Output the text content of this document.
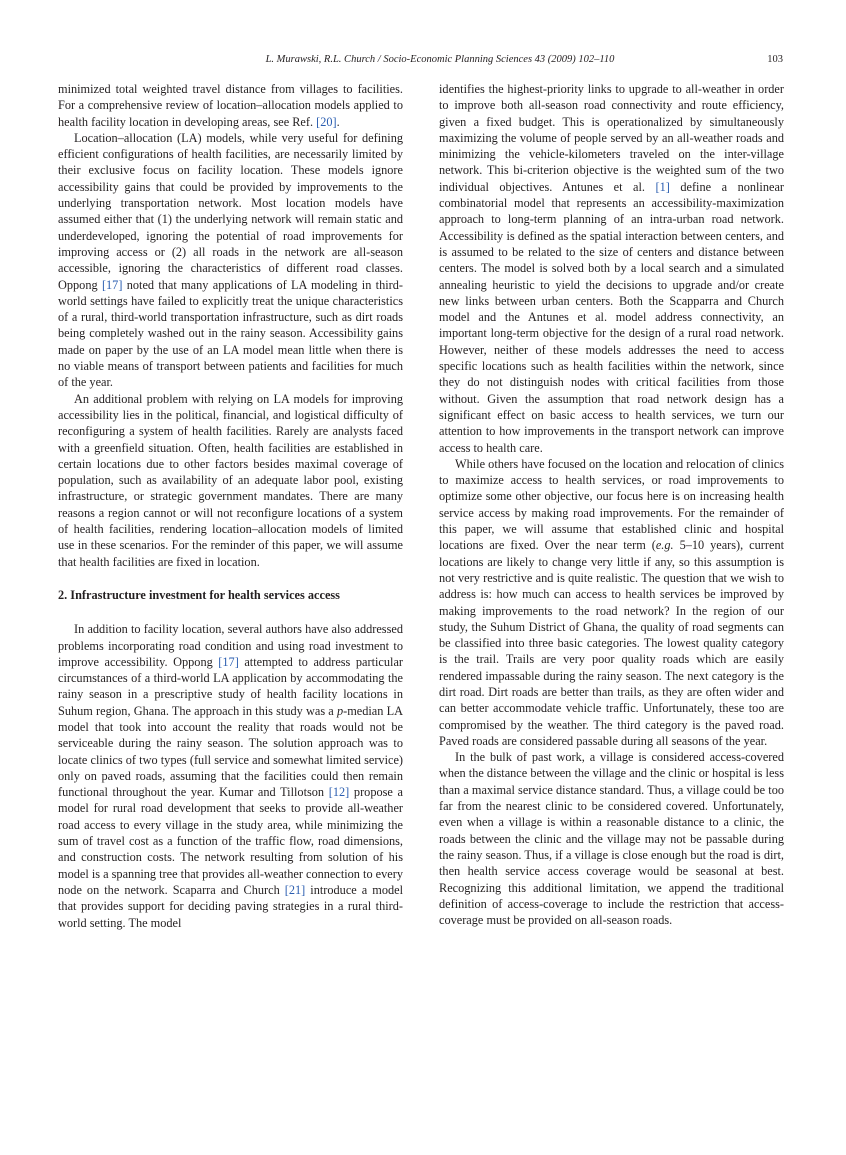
L. Murawski, R.L. Church / Socio-Economic Planning Sciences 43 (2009) 102–110	103

minimized total weighted travel distance from villages to facilities. For a comprehensive review of location–allocation models applied to health facility location in developing areas, see Ref. [20].

Location–allocation (LA) models, while very useful for defining efficient configurations of health facilities, are necessarily limited by their exclusive focus on facility location. These models ignore accessibility gains that could be provided by improvements to the underlying transportation network. Most location models have assumed either that (1) the underlying network will remain static and underdeveloped, ignoring the potential of road improvements for improving access or (2) all roads in the network are all-season accessible, ignoring the characteristics of different road classes. Oppong [17] noted that many applications of LA modeling in third-world settings have failed to explicitly treat the unique characteristics of a rural, third-world transportation infrastructure, such as dirt roads being completely washed out in the rainy season. Accessibility gains made on paper by the use of an LA model mean little when there is no viable means of transport between patients and facilities for much of the year.

An additional problem with relying on LA models for improving accessibility lies in the political, financial, and logistical difficulty of reconfiguring a system of health facilities. Rarely are analysts faced with a greenfield situation. Often, health facilities are established in certain locations due to other factors besides maximal coverage of population, such as availability of an adequate labor pool, existing infrastructure, or strategic government mandates. There are many reasons a region cannot or will not reconfigure locations of a system of health facilities, rendering location–allocation models of limited use in these scenarios. For the reminder of this paper, we will assume that health facilities are fixed in location.

2. Infrastructure investment for health services access

In addition to facility location, several authors have also addressed problems incorporating road condition and using road investment to improve accessibility. Oppong [17] attempted to address particular circumstances of a third-world LA application by accommodating the rainy season in a prescriptive study of health facility locations in Suhum region, Ghana. The approach in this study was a p-median LA model that took into account the reality that roads would not be serviceable during the rainy season. The solution approach was to locate clinics of two types (full service and somewhat limited service) only on paved roads, assuming that the facilities could then remain functional throughout the year. Kumar and Tillotson [12] propose a model for rural road development that seeks to provide all-weather road access to every village in the study area, while minimizing the sum of travel cost as a function of the traffic flow, road dimensions, and construction costs. The network resulting from solution of his model is a spanning tree that provides all-weather connection to every node on the network. Scaparra and Church [21] introduce a model that provides support for deciding paving strategies in a rural third-world setting. The model

identifies the highest-priority links to upgrade to all-weather in order to improve both all-season road connectivity and route efficiency, given a fixed budget. This is operationalized by simultaneously maximizing the volume of people served by an all-weather roads and minimizing the vehicle-kilometers traveled on the inter-village network. This bi-criterion objective is the weighted sum of the two individual objectives. Antunes et al. [1] define a nonlinear combinatorial model that represents an accessibility-maximization approach to long-term planning of an intra-urban road network. Accessibility is defined as the spatial interaction between centers, and is assumed to be related to the size of centers and distance between centers. The model is solved both by a local search and a simulated annealing heuristic to yield the decisions to upgrade and/or create new links between urban centers. Both the Scapparra and Church model and the Antunes et al. model address connectivity, an important long-term objective for the design of a rural road network. However, neither of these models addresses the need to access specific locations such as health facilities within the network, since they do not distinguish nodes with critical facilities from those without. Given the assumption that road network design has a significant effect on basic access to health services, we turn our attention to how improvements in the transport network can improve access to health care.

While others have focused on the location and relocation of clinics to maximize access to health services, or road improvements to optimize some other objective, our focus here is on increasing health service access by making road improvements. For the remainder of this paper, we will assume that established clinic and hospital locations are fixed. Over the near term (e.g. 5–10 years), current locations are likely to change very little if any, so this assumption is not very restrictive and is quite realistic. The question that we wish to address is: how much can access to health services be improved by making improvements to the road network? In the region of our study, the Suhum District of Ghana, the quality of road segments can be classified into three basic categories. The lowest quality category is the trail. Trails are very poor quality roads which are easily rendered impassable during the rainy season. The next category is the dirt road. Dirt roads are better than trails, as they are often wider and can better accommodate vehicle traffic. Unfortunately, these too are compromised by the weather. The third category is the paved road. Paved roads are considered passable during all seasons of the year.

In the bulk of past work, a village is considered access-covered when the distance between the village and the clinic or hospital is less than a maximal service distance standard. Thus, a village could be too far from the nearest clinic to be considered covered. Unfortunately, even when a village is within a reasonable distance to a clinic, the roads between the clinic and the village may not be passable during the rainy season. Thus, if a village is close enough but the road is dirt, then health service access coverage would be seasonal at best. Recognizing this additional limitation, we append the traditional definition of access-coverage to include the restriction that access-coverage must be provided on all-season roads.
